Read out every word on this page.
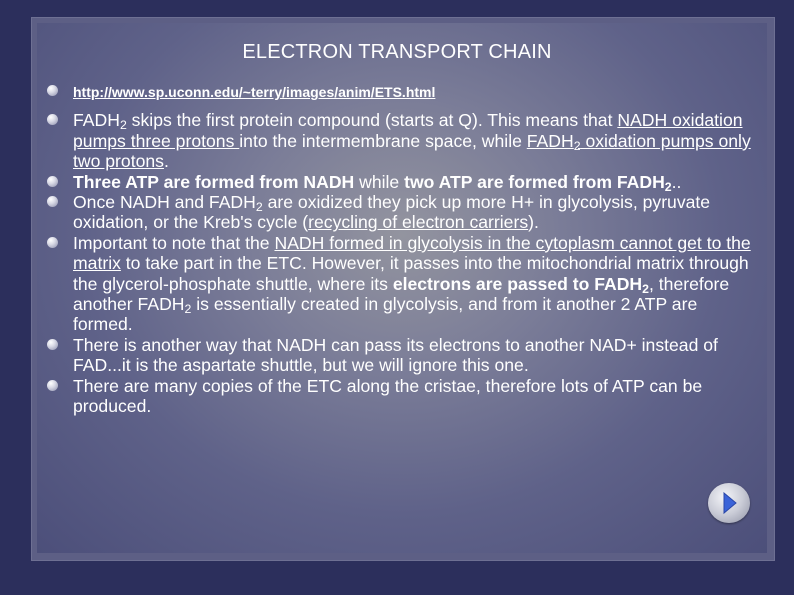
ELECTRON TRANSPORT CHAIN
http://www.sp.uconn.edu/~terry/images/anim/ETS.html
$FADH_2$ skips the first protein compound (starts at Q). This means that NADH oxidation pumps three protons into the intermembrane space, while $FADH_2$ oxidation pumps only two protons.
Three ATP are formed from NADH while two ATP are formed from $FADH_2$..
Once NADH and $FADH_2$ are oxidized they pick up more H+ in glycolysis, pyruvate oxidation, or the Kreb's cycle (recycling of electron carriers).
Important to note that the NADH formed in glycolysis in the cytoplasm cannot get to the matrix to take part in the ETC. However, it passes into the mitochondrial matrix through the glycerol-phosphate shuttle, where its electrons are passed to $FADH_2$, therefore another $FADH_2$ is essentially created in glycolysis, and from it another 2 ATP are formed.
There is another way that NADH can pass its electrons to another NAD+ instead of FAD...it is the aspartate shuttle, but we will ignore this one.
There are many copies of the ETC along the cristae, therefore lots of ATP can be produced.
